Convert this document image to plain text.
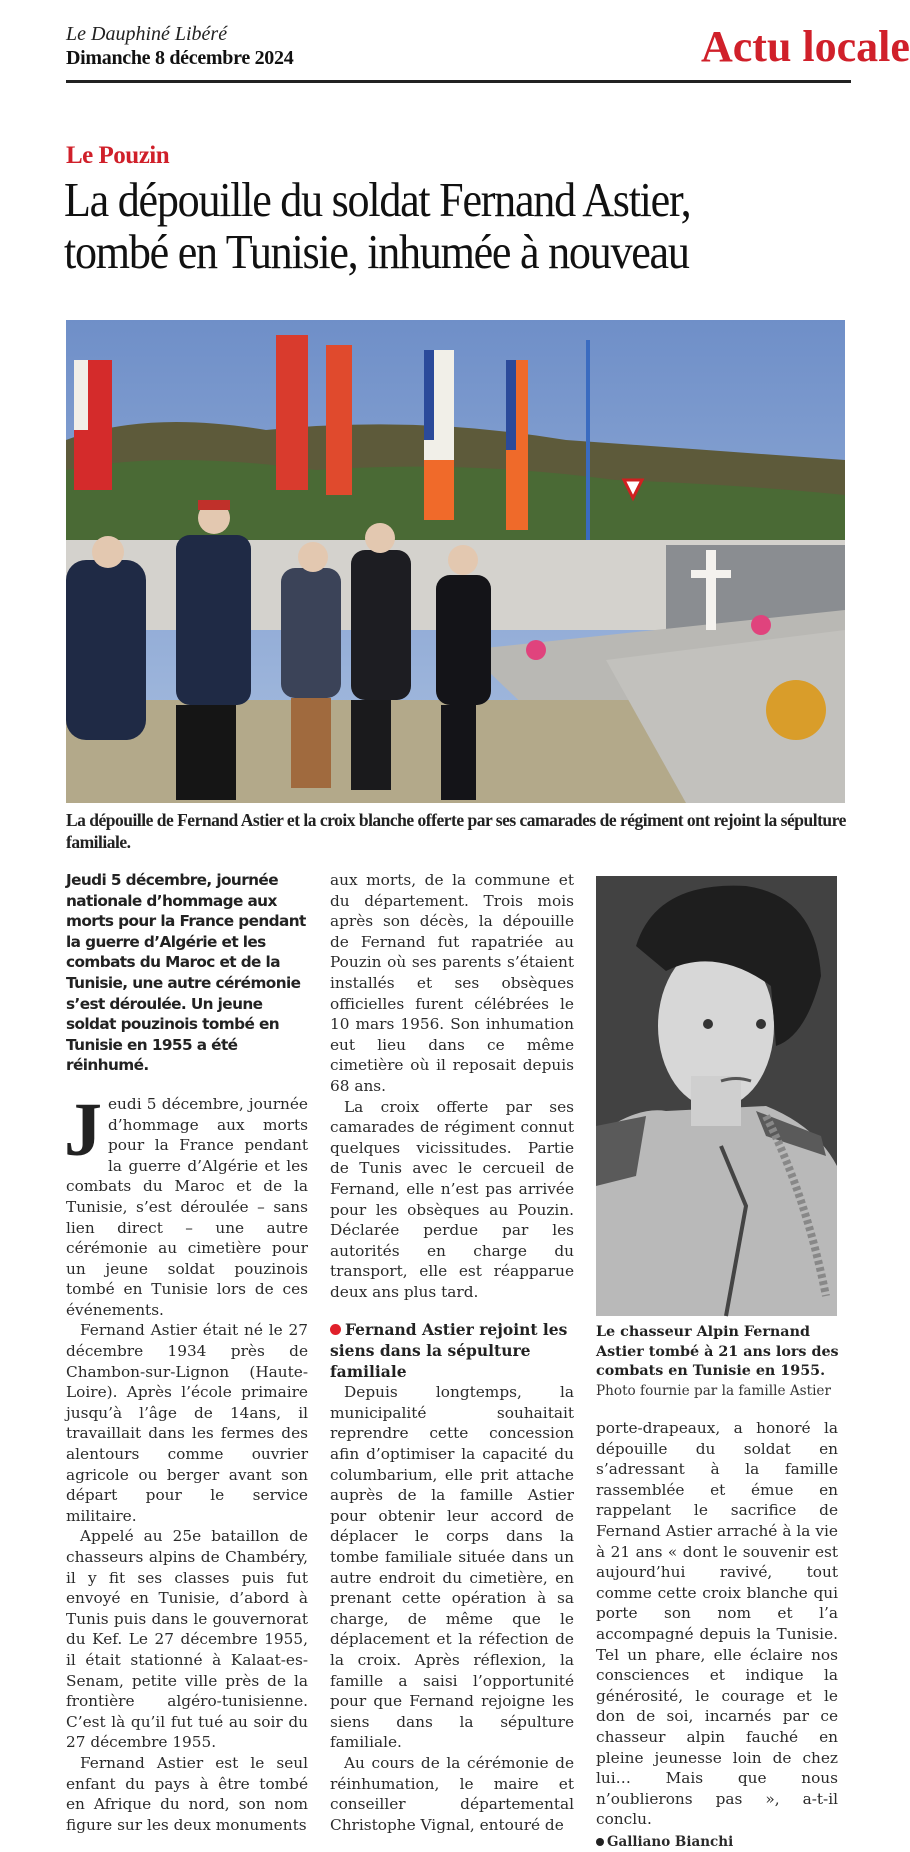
Le Dauphiné Libéré
Dimanche 8 décembre 2024	Actu locale
Le Pouzin
La dépouille du soldat Fernand Astier,
tombé en Tunisie, inhumée à nouveau
La dépouille de Fernand Astier et la croix blanche offerte par ses camarades de régiment ont rejoint la sépulture familiale.
Jeudi 5 décembre, journée nationale d’hommage aux morts pour la France pendant la guerre d’Algérie et les combats du Maroc et de la Tunisie, une autre cérémonie s’est déroulée. Un jeune soldat pouzinois tombé en Tunisie en 1955 a été réinhumé.

Jeudi 5 décembre, journée d’hommage aux morts pour la France pendant la guerre d’Algérie et les combats du Maroc et de la Tunisie, s’est déroulée – sans lien direct – une autre cérémonie au cimetière pour un jeune soldat pouzinois tombé en Tunisie lors de ces événements.

Fernand Astier était né le 27 décembre 1934 près de Chambon-sur-Lignon (Haute-Loire). Après l’école primaire jusqu’à l’âge de 14ans, il travaillait dans les fermes des alentours comme ouvrier agricole ou berger avant son départ pour le service militaire.

Appelé au 25e bataillon de chasseurs alpins de Chambéry, il y fit ses classes puis fut envoyé en Tunisie, d’abord à Tunis puis dans le gouvernorat du Kef. Le 27 décembre 1955, il était stationné à Kalaat-es-Senam, petite ville près de la frontière algéro-tunisienne. C’est là qu’il fut tué au soir du 27 décembre 1955.

Fernand Astier est le seul enfant du pays à être tombé en Afrique du nord, son nom figure sur les deux monuments

aux morts, de la commune et du département. Trois mois après son décès, la dépouille de Fernand fut rapatriée au Pouzin où ses parents s’étaient installés et ses obsèques officielles furent célébrées le 10 mars 1956. Son inhumation eut lieu dans ce même cimetière où il reposait depuis 68 ans.

La croix offerte par ses camarades de régiment connut quelques vicissitudes. Partie de Tunis avec le cercueil de Fernand, elle n’est pas arrivée pour les obsèques au Pouzin. Déclarée perdue par les autorités en charge du transport, elle est réapparue deux ans plus tard.

Fernand Astier rejoint les siens dans la sépulture familiale

Depuis longtemps, la municipalité souhaitait reprendre cette concession afin d’optimiser la capacité du columbarium, elle prit attache auprès de la famille Astier pour obtenir leur accord de déplacer le corps dans la tombe familiale située dans un autre endroit du cimetière, en prenant cette opération à sa charge, de même que le déplacement et la réfection de la croix. Après réflexion, la famille a saisi l’opportunité pour que Fernand rejoigne les siens dans la sépulture familiale.

Au cours de la cérémonie de réinhumation, le maire et conseiller départemental Christophe Vignal, entouré de

Le chasseur Alpin Fernand Astier tombé à 21 ans lors des combats en Tunisie en 1955.
Photo fournie par la famille Astier

porte-drapeaux, a honoré la dépouille du soldat en s’adressant à la famille rassemblée et émue en rappelant le sacrifice de Fernand Astier arraché à la vie à 21 ans « dont le souvenir est aujourd’hui ravivé, tout comme cette croix blanche qui porte son nom et l’a accompagné depuis la Tunisie. Tel un phare, elle éclaire nos consciences et indique la générosité, le courage et le don de soi, incarnés par ce chasseur alpin fauché en pleine jeunesse loin de chez lui… Mais que nous n’oublierons pas », a-t-il conclu.

Galliano Bianchi
